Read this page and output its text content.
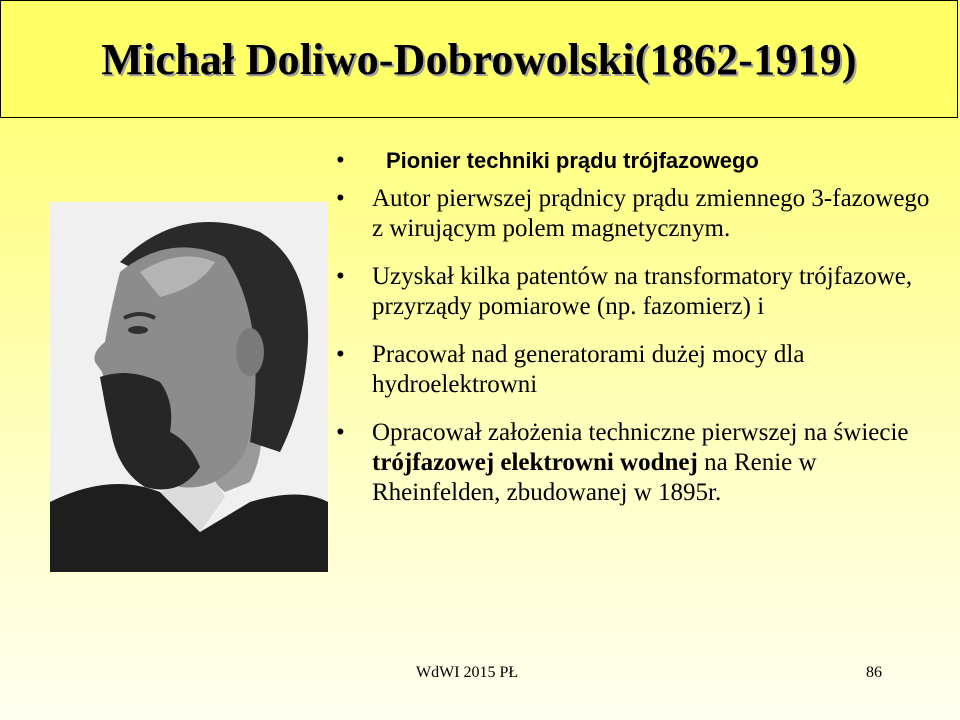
Michał Doliwo-Dobrowolski(1862-1919)
• Pionier techniki prądu trójfazowego
• Autor pierwszej prądnicy prądu zmiennego 3-fazowego z wirującym polem magnetycznym.
• Uzyskał kilka patentów na transformatory trójfazowe, przyrządy pomiarowe (np. fazomierz) i
• Pracował nad generatorami dużej mocy dla hydroelektrowni
• Opracował założenia techniczne pierwszej na świecie trójfazowej elektrowni wodnej na Renie w Rheinfelden, zbudowanej w 1895r.
WdWI 2015 PŁ	86
